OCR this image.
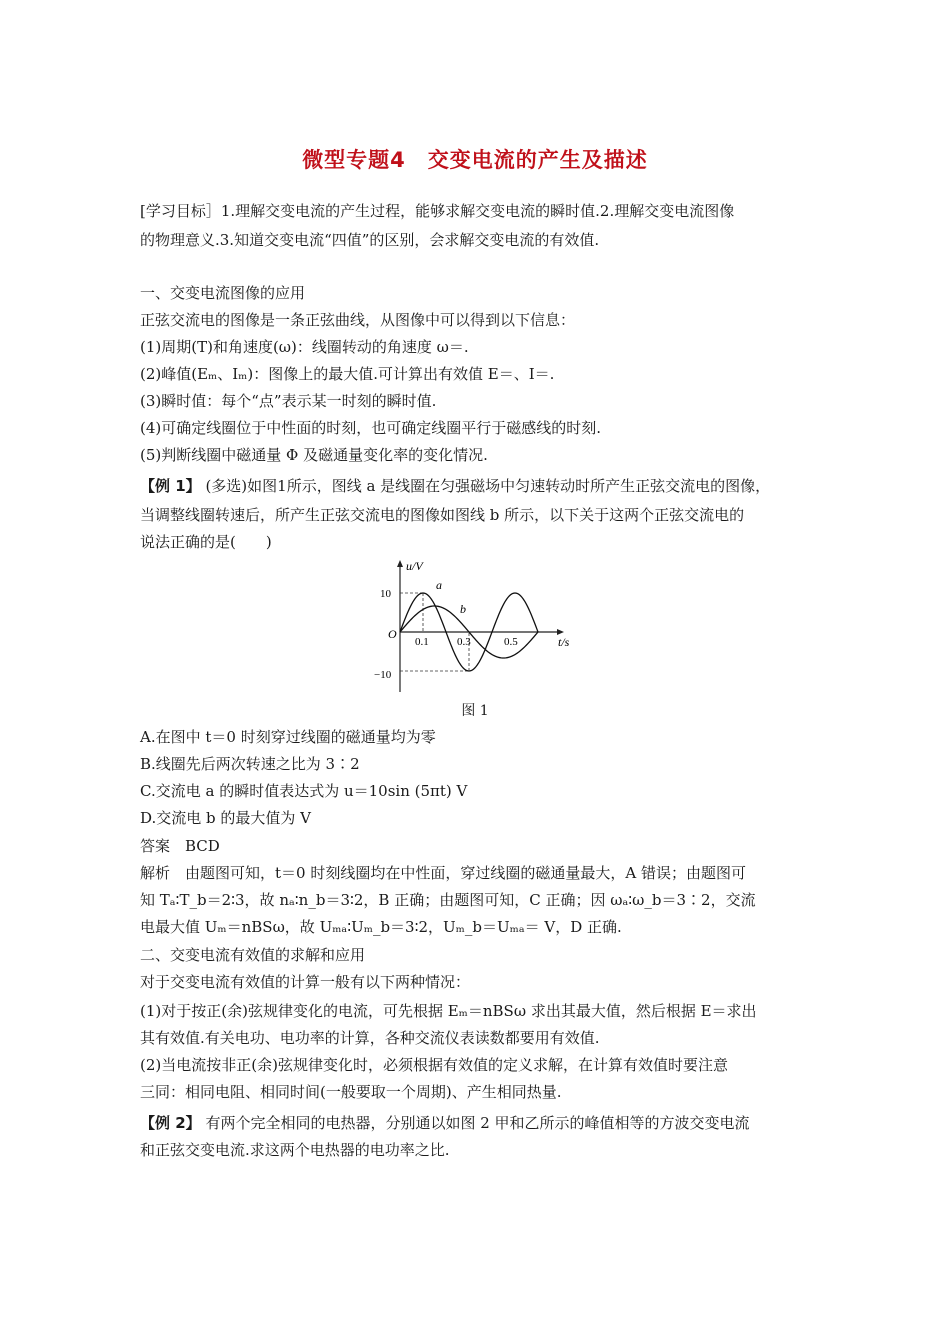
微型专题4　交变电流的产生及描述
[学习目标］1.理解交变电流的产生过程，能够求解交变电流的瞬时值.2.理解交变电流图像
的物理意义.3.知道交变电流“四值”的区别，会求解交变电流的有效值.
一、交变电流图像的应用
正弦交流电的图像是一条正弦曲线，从图像中可以得到以下信息：
(1)周期(T)和角速度(ω)：线圈转动的角速度 ω＝.
(2)峰值(Eₘ、Iₘ)：图像上的最大值.可计算出有效值 E＝、I＝.
(3)瞬时值：每个“点”表示某一时刻的瞬时值.
(4)可确定线圈位于中性面的时刻，也可确定线圈平行于磁感线的时刻.
(5)判断线圈中磁通量 Φ 及磁通量变化率的变化情况.
【例 1】 (多选)如图1所示，图线 a 是线圈在匀强磁场中匀速转动时所产生正弦交流电的图像，
当调整线圈转速后，所产生正弦交流电的图像如图线 b 所示，以下关于这两个正弦交流电的
说法正确的是(　　)
u/V
t/s
O
10
−10
0.1	0.3	0.5
a
b
图 1
A.在图中 t＝0 时刻穿过线圈的磁通量均为零
B.线圈先后两次转速之比为 3∶2
C.交流电 a 的瞬时值表达式为 u＝10sin (5πt) V
D.交流电 b 的最大值为 V
答案　BCD
解析　由题图可知，t＝0 时刻线圈均在中性面，穿过线圈的磁通量最大，A 错误；由题图可
知 Tₐ∶T_b＝2∶3，故 nₐ∶n_b＝3∶2，B 正确；由题图可知，C 正确；因 ωₐ∶ω_b＝3∶2，交流
电最大值 Uₘ＝nBSω，故 Uₘₐ∶Uₘ_b＝3∶2，Uₘ_b＝Uₘₐ＝ V，D 正确.
二、交变电流有效值的求解和应用
对于交变电流有效值的计算一般有以下两种情况：
(1)对于按正(余)弦规律变化的电流，可先根据 Eₘ＝nBSω 求出其最大值，然后根据 E＝求出
其有效值.有关电功、电功率的计算，各种交流仪表读数都要用有效值.
(2)当电流按非正(余)弦规律变化时，必须根据有效值的定义求解，在计算有效值时要注意
三同：相同电阻、相同时间(一般要取一个周期)、产生相同热量.
【例 2】 有两个完全相同的电热器，分别通以如图 2 甲和乙所示的峰值相等的方波交变电流
和正弦交变电流.求这两个电热器的电功率之比.
